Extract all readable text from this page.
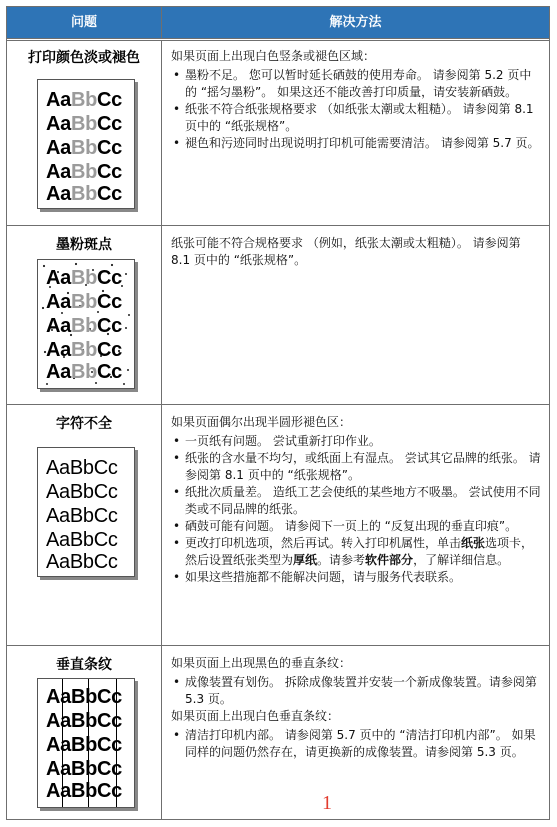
问题	解决方法
打印颜色淡或褪色
AaBbCc
AaBbCc
AaBbCc
AaBbCc
AaBbCc

如果页面上出现白色竖条或褪色区域：

• 墨粉不足。 您可以暂时延长硒鼓的使用寿命。 请参阅第 5.2 页中的 “摇匀墨粉”。 如果这还不能改善打印质量，请安装新硒鼓。
• 纸张不符合纸张规格要求 （如纸张太潮或太粗糙）。 请参阅第 8.1 页中的 “纸张规格”。
• 褪色和污迹同时出现说明打印机可能需要清洁。 请参阅第 5.7 页。
墨粉斑点
AaBbCc
AaBbCc
AaBbCc
AaBbCc
AaBbCc

纸张可能不符合规格要求 （例如，纸张太潮或太粗糙）。 请参阅第 8.1 页中的 “纸张规格”。

字符不全
AaBbCc
AaBbCc
AaBbCc
AaBbCc
AaBbCc

如果页面偶尔出现半圆形褪色区：

• 一页纸有问题。 尝试重新打印作业。
• 纸张的含水量不均匀，或纸面上有湿点。 尝试其它品牌的纸张。 请参阅第 8.1 页中的 “纸张规格”。
• 纸批次质量差。 造纸工艺会使纸的某些地方不吸墨。 尝试使用不同类或不同品牌的纸张。
• 硒鼓可能有问题。 请参阅下一页上的 “反复出现的垂直印痕”。
• 更改打印机选项，然后再试。转入打印机属性，单击纸张选项卡，然后设置纸张类型为厚纸。请参考软件部分，了解详细信息。
• 如果这些措施都不能解决问题，请与服务代表联系。
垂直条纹
AaBbCc
AaBbCc
AaBbCc
AaBbCc
AaBbCc

如果页面上出现黑色的垂直条纹：

• 成像装置有划伤。 拆除成像装置并安装一个新成像装置。请参阅第 5.3 页。

如果页面上出现白色垂直条纹：

• 清洁打印机内部。 请参阅第 5.7 页中的 “清洁打印机内部”。 如果同样的问题仍然存在，请更换新的成像装置。请参阅第 5.3 页。
1
